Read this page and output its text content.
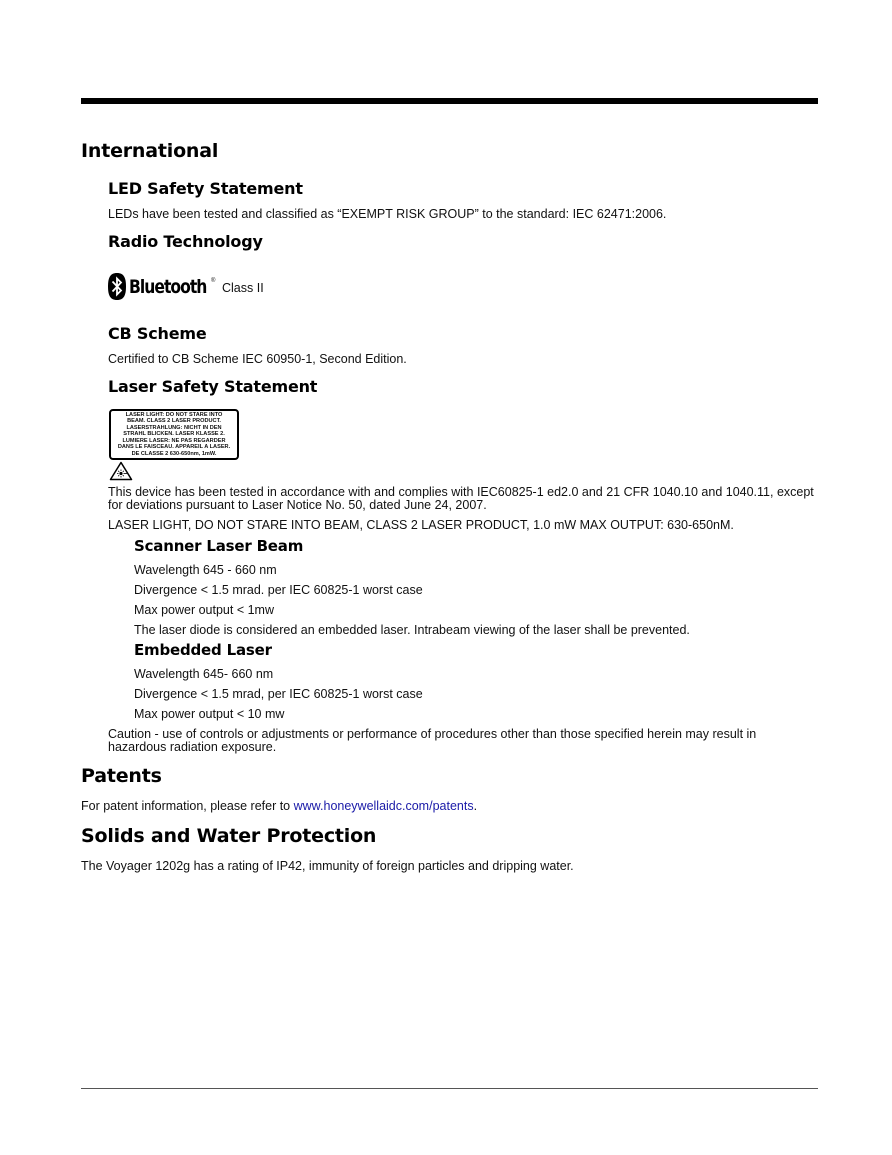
International
LED Safety Statement

LEDs have been tested and classified as “EXEMPT RISK GROUP” to the standard: IEC 62471:2006.

Radio Technology
Bluetooth ® Class II
CB Scheme

Certified to CB Scheme IEC 60950-1, Second Edition.

Laser Safety Statement
LASER LIGHT: DO NOT STARE INTO
BEAM. CLASS 2 LASER PRODUCT.
LASERSTRAHLUNG: NICHT IN DEN
STRAHL BLICKEN. LASER KLASSE 2.
LUMIERE LASER: NE PAS REGARDER
DANS LE FAISCEAU. APPAREIL A LASER.
DE CLASSE 2 630-650nm, 1mW.

This device has been tested in accordance with and complies with IEC60825-1 ed2.0 and 21 CFR 1040.10 and 1040.11, except for deviations pursuant to Laser Notice No. 50, dated June 24, 2007.

LASER LIGHT, DO NOT STARE INTO BEAM, CLASS 2 LASER PRODUCT, 1.0 mW MAX OUTPUT: 630-650nM.

Scanner Laser Beam

Wavelength 645 - 660 nm

Divergence < 1.5 mrad. per IEC 60825-1 worst case

Max power output < 1mw

The laser diode is considered an embedded laser. Intrabeam viewing of the laser shall be prevented.

Embedded Laser

Wavelength 645- 660 nm

Divergence < 1.5 mrad, per IEC 60825-1 worst case

Max power output < 10 mw

Caution - use of controls or adjustments or performance of procedures other than those specified herein may result in hazardous radiation exposure.

Patents

For patent information, please refer to www.honeywellaidc.com/patents.

Solids and Water Protection

The Voyager 1202g has a rating of IP42, immunity of foreign particles and dripping water.
